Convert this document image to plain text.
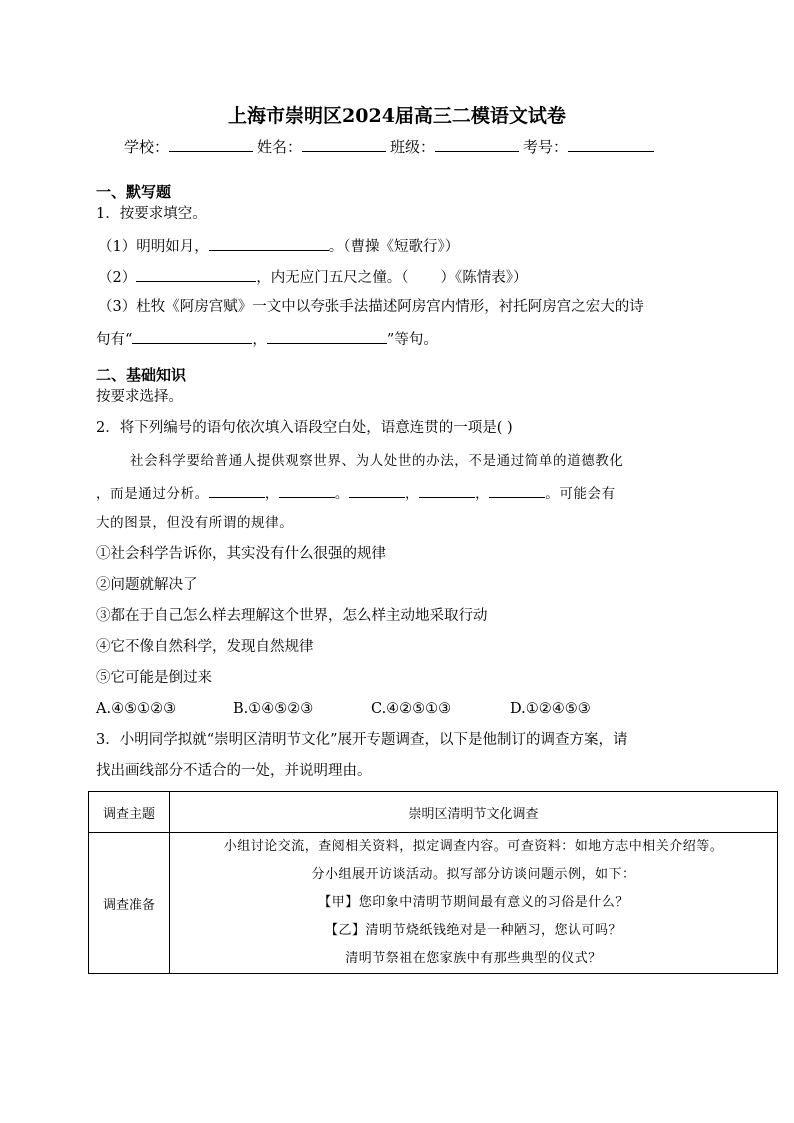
上海市崇明区2024届高三二模语文试卷
学校：	姓名：	班级：	考号：
一、默写题
1．按要求填空。
（1）明明如月，	。（曹操《短歌行》）
（2）	，内无应门五尺之僮。（ ）《陈情表》）
（3）杜牧《阿房宫赋》一文中以夸张手法描述阿房宫内情形，衬托阿房宫之宏大的诗
句有“	，	”等句。
二、基础知识
按要求选择。
2．将下列编号的语句依次填入语段空白处，语意连贯的一项是( )
社会科学要给普通人提供观察世界、为人处世的办法，不是通过简单的道德教化
，而是通过分析。	，	。	，	，	。可能会有
大的图景，但没有所谓的规律。
①社会科学告诉你，其实没有什么很强的规律
②问题就解决了
③都在于自己怎么样去理解这个世界，怎么样主动地采取行动
④它不像自然科学，发现自然规律
⑤它可能是倒过来
A.④⑤①②③	B.①④⑤②③	C.④②⑤①③	D.①②④⑤③
3．小明同学拟就“崇明区清明节文化”展开专题调查，以下是他制订的调查方案，请
找出画线部分不适合的一处，并说明理由。
调查主题	崇明区清明节文化调查
调查准备	小组讨论交流，查阅相关资料，拟定调查内容。可查资料：如地方志中相关介绍等。
分小组展开访谈活动。拟写部分访谈问题示例，如下：
【甲】您印象中清明节期间最有意义的习俗是什么？
【乙】清明节烧纸钱绝对是一种陋习，您认可吗？
清明节祭祖在您家族中有那些典型的仪式？
